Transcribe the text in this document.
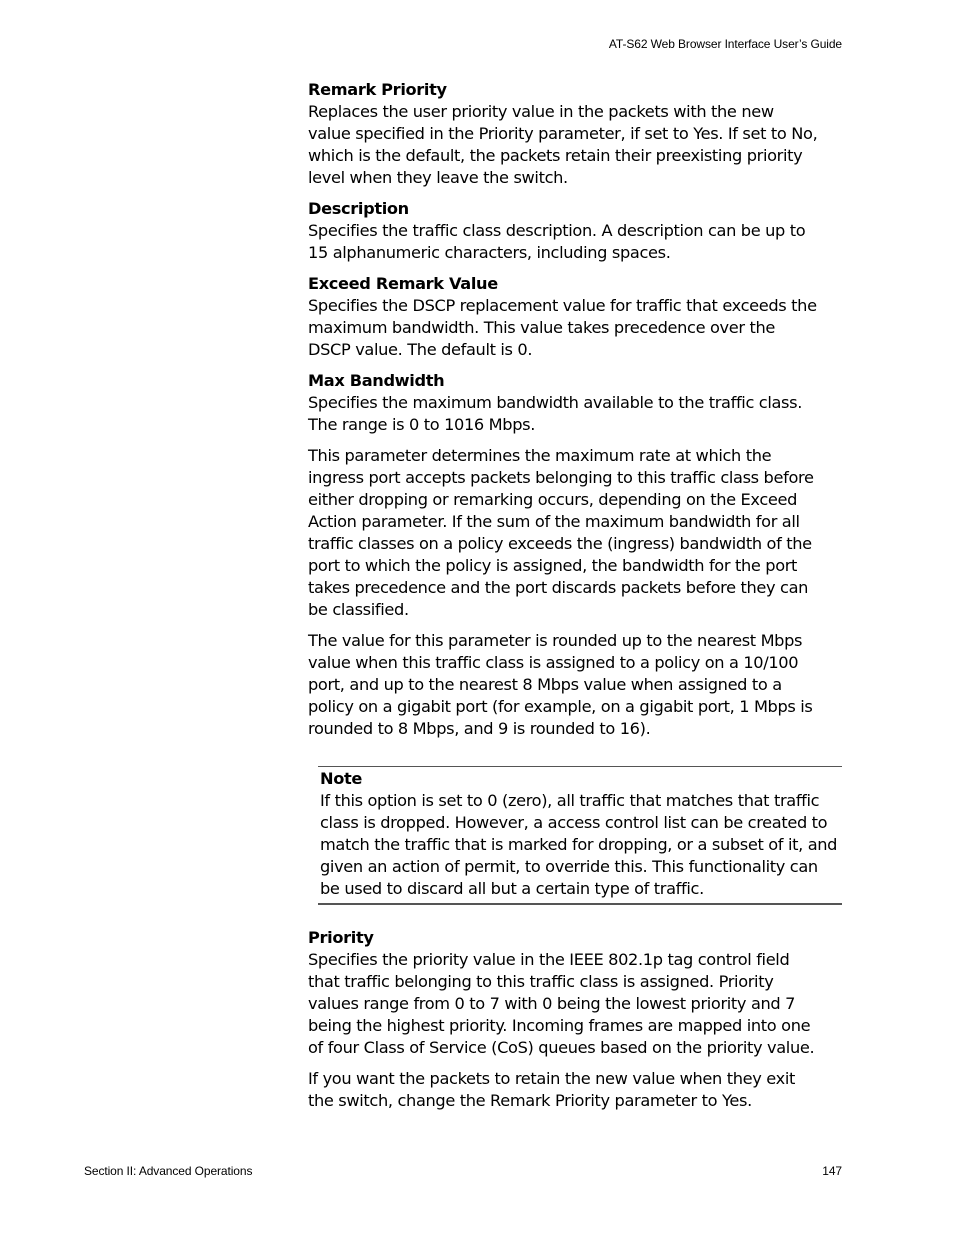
AT-S62 Web Browser Interface User’s Guide

Remark Priority

Replaces the user priority value in the packets with the new value specified in the Priority parameter, if set to Yes. If set to No, which is the default, the packets retain their preexisting priority level when they leave the switch.

Description

Specifies the traffic class description. A description can be up to 15 alphanumeric characters, including spaces.

Exceed Remark Value

Specifies the DSCP replacement value for traffic that exceeds the maximum bandwidth. This value takes precedence over the DSCP value. The default is 0.

Max Bandwidth

Specifies the maximum bandwidth available to the traffic class. The range is 0 to 1016 Mbps.

This parameter determines the maximum rate at which the ingress port accepts packets belonging to this traffic class before either dropping or remarking occurs, depending on the Exceed Action parameter. If the sum of the maximum bandwidth for all traffic classes on a policy exceeds the (ingress) bandwidth of the port to which the policy is assigned, the bandwidth for the port takes precedence and the port discards packets before they can be classified.

The value for this parameter is rounded up to the nearest Mbps value when this traffic class is assigned to a policy on a 10/100 port, and up to the nearest 8 Mbps value when assigned to a policy on a gigabit port (for example, on a gigabit port, 1 Mbps is rounded to 8 Mbps, and 9 is rounded to 16).

Note

If this option is set to 0 (zero), all traffic that matches that traffic class is dropped. However, a access control list can be created to match the traffic that is marked for dropping, or a subset of it, and given an action of permit, to override this. This functionality can be used to discard all but a certain type of traffic.

Priority

Specifies the priority value in the IEEE 802.1p tag control field that traffic belonging to this traffic class is assigned. Priority values range from 0 to 7 with 0 being the lowest priority and 7 being the highest priority. Incoming frames are mapped into one of four Class of Service (CoS) queues based on the priority value.

If you want the packets to retain the new value when they exit the switch, change the Remark Priority parameter to Yes.

Section II: Advanced Operations	147
